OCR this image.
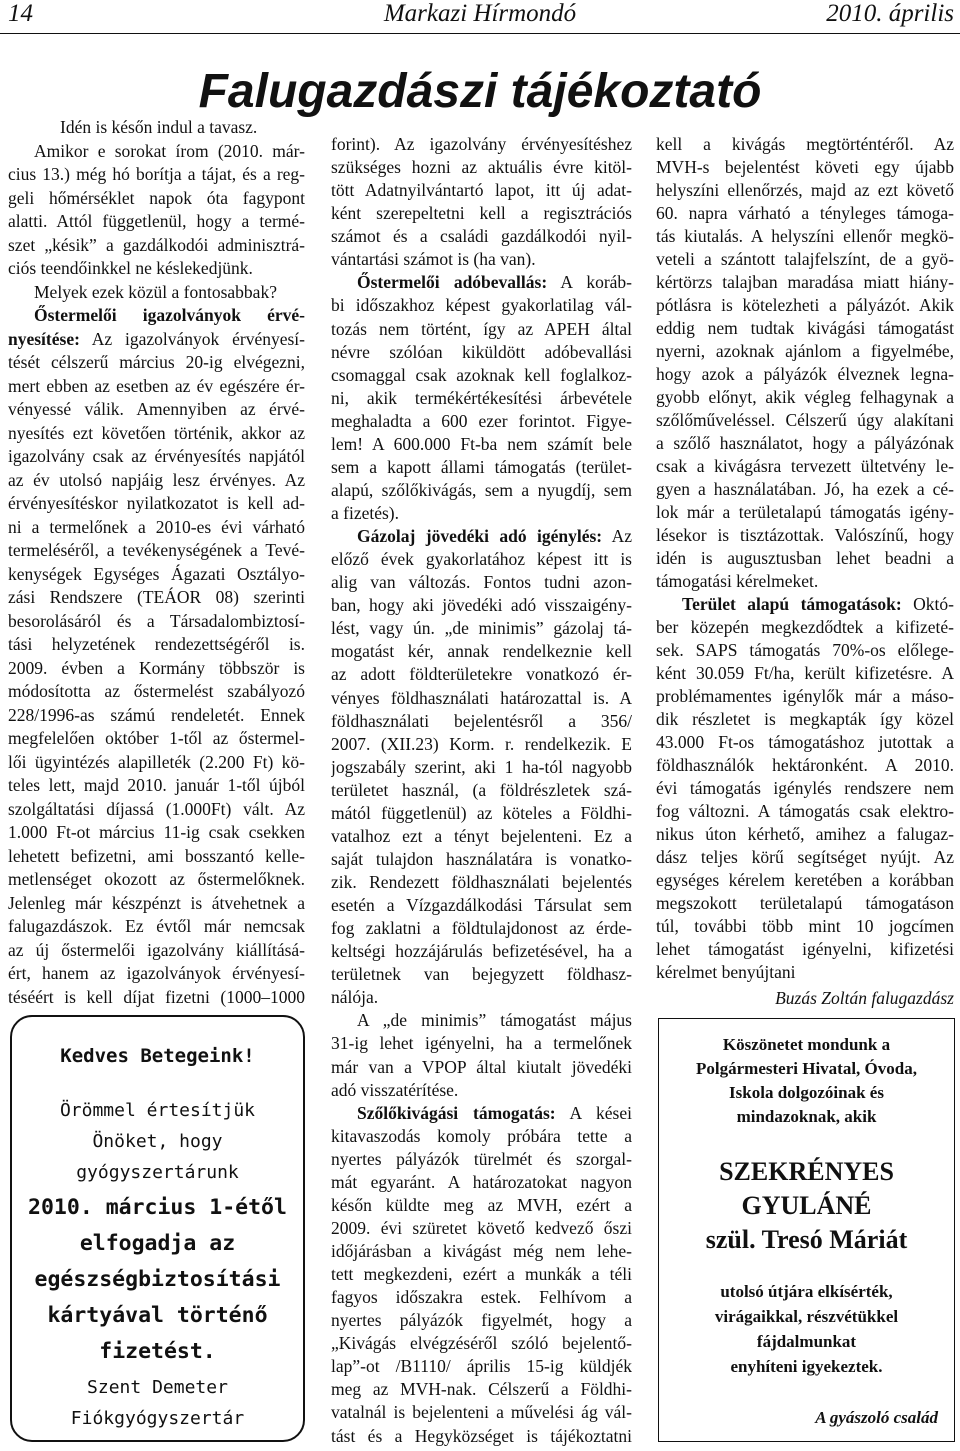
14	Markazi Hírmondó	2010. április
Falugazdászi tájékoztató
Idén is későn indul a tavasz.
Amikor e sorokat írom (2010. már-
cius 13.) még hó borítja a tájat, és a reg-
geli hőmérséklet napok óta fagypont
alatti. Attól függetlenül, hogy a termé-
szet „késik” a gazdálkodói adminisztrá-
ciós teendőinkkel ne késlekedjünk.
Melyek ezek közül a fontosabbak?
Őstermelői igazolványok érvé-
nyesítése: Az igazolványok érvényesí-
tését célszerű március 20-ig elvégezni,
mert ebben az esetben az év egészére ér-
vényessé válik. Amennyiben az érvé-
nyesítés ezt követően történik, akkor az
igazolvány csak az érvényesítés napjától
az év utolsó napjáig lesz érvényes. Az
érvényesítéskor nyilatkozatot is kell ad-
ni a termelőnek a 2010-es évi várható
termeléséről, a tevékenységének a Tevé-
kenységek Egységes Ágazati Osztályo-
zási Rendszere (TEÁOR 08) szerinti
besorolásáról és a Társadalombiztosí-
tási helyzetének rendezettségéről is.
2009. évben a Kormány többször is
módosította az őstermelést szabályozó
228/1996-as számú rendeletét. Ennek
megfelelően október 1-től az őstermel-
lői ügyintézés alapilleték (2.200 Ft) kö-
teles lett, majd 2010. január 1-től újból
szolgáltatási díjassá (1.000Ft) vált. Az
1.000 Ft-ot március 11-ig csak csekken
lehetett befizetni, ami bosszantó kelle-
metlenséget okozott az őstermelőknek.
Jelenleg már készpénzt is átvehetnek a
falugazdászok. Ez évtől már nemcsak
az új őstermelői igazolvány kiállításá-
ért, hanem az igazolványok érvényesí-
téséért is kell díjat fizetni (1000–1000
forint). Az igazolvány érvényesítéshez
szükséges hozni az aktuális évre kitöl-
tött Adatnyilvántartó lapot, itt új adat-
ként szerepeltetni kell a regisztrációs
számot és a családi gazdálkodói nyil-
vántartási számot is (ha van).
Őstermelői adóbevallás: A koráb-
bi időszakhoz képest gyakorlatilag vál-
tozás nem történt, így az APEH által
névre szólóan kiküldött adóbevallási
csomaggal csak azoknak kell foglalkoz-
ni, akik termékértékesítési árbevétele
meghaladta a 600 ezer forintot. Figye-
lem! A 600.000 Ft-ba nem számít bele
sem a kapott állami támogatás (terület-
alapú, szőlőkivágás, sem a nyugdíj, sem
a fizetés).
Gázolaj jövedéki adó igénylés: Az
előző évek gyakorlatához képest itt is
alig van változás. Fontos tudni azon-
ban, hogy aki jövedéki adó visszaigény-
lést, vagy ún. „de minimis” gázolaj tá-
mogatást kér, annak rendelkeznie kell
az adott földterületekre vonatkozó ér-
vényes földhasználati határozattal is. A
földhasználati bejelentésről a 356/
2007. (XII.23) Korm. r. rendelkezik. E
jogszabály szerint, aki 1 ha-tól nagyobb
területet használ, (a földrészletek szá-
mától függetlenül) az köteles a Földhi-
vatalhoz ezt a tényt bejelenteni. Ez a
saját tulajdon használatára is vonatko-
zik. Rendezett földhasználati bejelentés
esetén a Vízgazdálkodási Társulat sem
fog zaklatni a földtulajdonost az érde-
keltségi hozzájárulás befizetésével, ha a
területnek van bejegyzett földhasz-
nálója.
A „de minimis” támogatást május
31-ig lehet igényelni, ha a termelőnek
már van a VPOP által kiutalt jövedéki
adó visszatérítése.
Szőlőkivágási támogatás: A kései
kitavaszodás komoly próbára tette a
nyertes pályázók türelmét és szorgal-
mát egyaránt. A határozatokat nagyon
későn küldte meg az MVH, ezért a
2009. évi szüretet követő kedvező őszi
időjárásban a kivágást még nem lehe-
tett megkezdeni, ezért a munkák a téli
fagyos időszakra estek. Felhívom a
nyertes pályázók figyelmét, hogy a
„Kivágás elvégzéséről szóló bejelentő-
lap”-ot /B1110/ április 15-ig küldjék
meg az MVH-nak. Célszerű a Földhi-
vatalnál is bejelenteni a művelési ág vál-
tást és a Hegyközséget is tájékoztatni
kell a kivágás megtörténtéről. Az
MVH-s bejelentést követi egy újabb
helyszíni ellenőrzés, majd az ezt követő
60. napra várható a tényleges támoga-
tás kiutalás. A helyszíni ellenőr megkö-
veteli a szántott talajfelszínt, de a gyö-
kértörzs talajban maradása miatt hiány-
pótlásra is kötelezheti a pályázót. Akik
eddig nem tudtak kivágási támogatást
nyerni, azoknak ajánlom a figyelmébe,
hogy azok a pályázók élveznek legna-
gyobb előnyt, akik végleg felhagynak a
szőlőműveléssel. Célszerű úgy alakítani
a szőlő használatot, hogy a pályázónak
csak a kivágásra tervezett ültetvény le-
gyen a használatában. Jó, ha ezek a cé-
lok már a területalapú támogatás igény-
lésekor is tisztázottak. Valószínű, hogy
idén is augusztusban lehet beadni a
támogatási kérelmeket.
Terület alapú támogatások: Októ-
ber közepén megkezdődtek a kifizeté-
sek. SAPS támogatás 70%-os előlege-
ként 30.059 Ft/ha, került kifizetésre. A
problémamentes igénylők már a máso-
dik részletet is megkapták így közel
43.000 Ft-os támogatáshoz jutottak a
földhasználók hektáronként. A 2010.
évi támogatás igénylés rendszere nem
fog változni. A támogatás csak elektro-
nikus úton kérhető, amihez a falugaz-
dász teljes körű segítséget nyújt. Az
egységes kérelem keretében a korábban
megszokott területalapú támogatáson
túl, további több mint 10 jogcímen
lehet támogatást igényelni, kifizetési
kérelmet benyújtani
Buzás Zoltán falugazdász
Kedves Betegeink!
Örömmel értesítjük
Önöket, hogy
gyógyszertárunk
2010. március 1-étől
elfogadja az
egészségbiztosítási
kártyával történő
fizetést.
Szent Demeter
Fiókgyógyszertár
Köszönetet mondunk a
Polgármesteri Hivatal, Óvoda,
Iskola dolgozóinak és
mindazoknak, akik
SZEKRÉNYES
GYULÁNÉ
szül. Tresó Máriát
utolsó útjára elkísérték,
virágaikkal, részvétükkel
fájdalmunkat
enyhíteni igyekeztek.
A gyászoló család
